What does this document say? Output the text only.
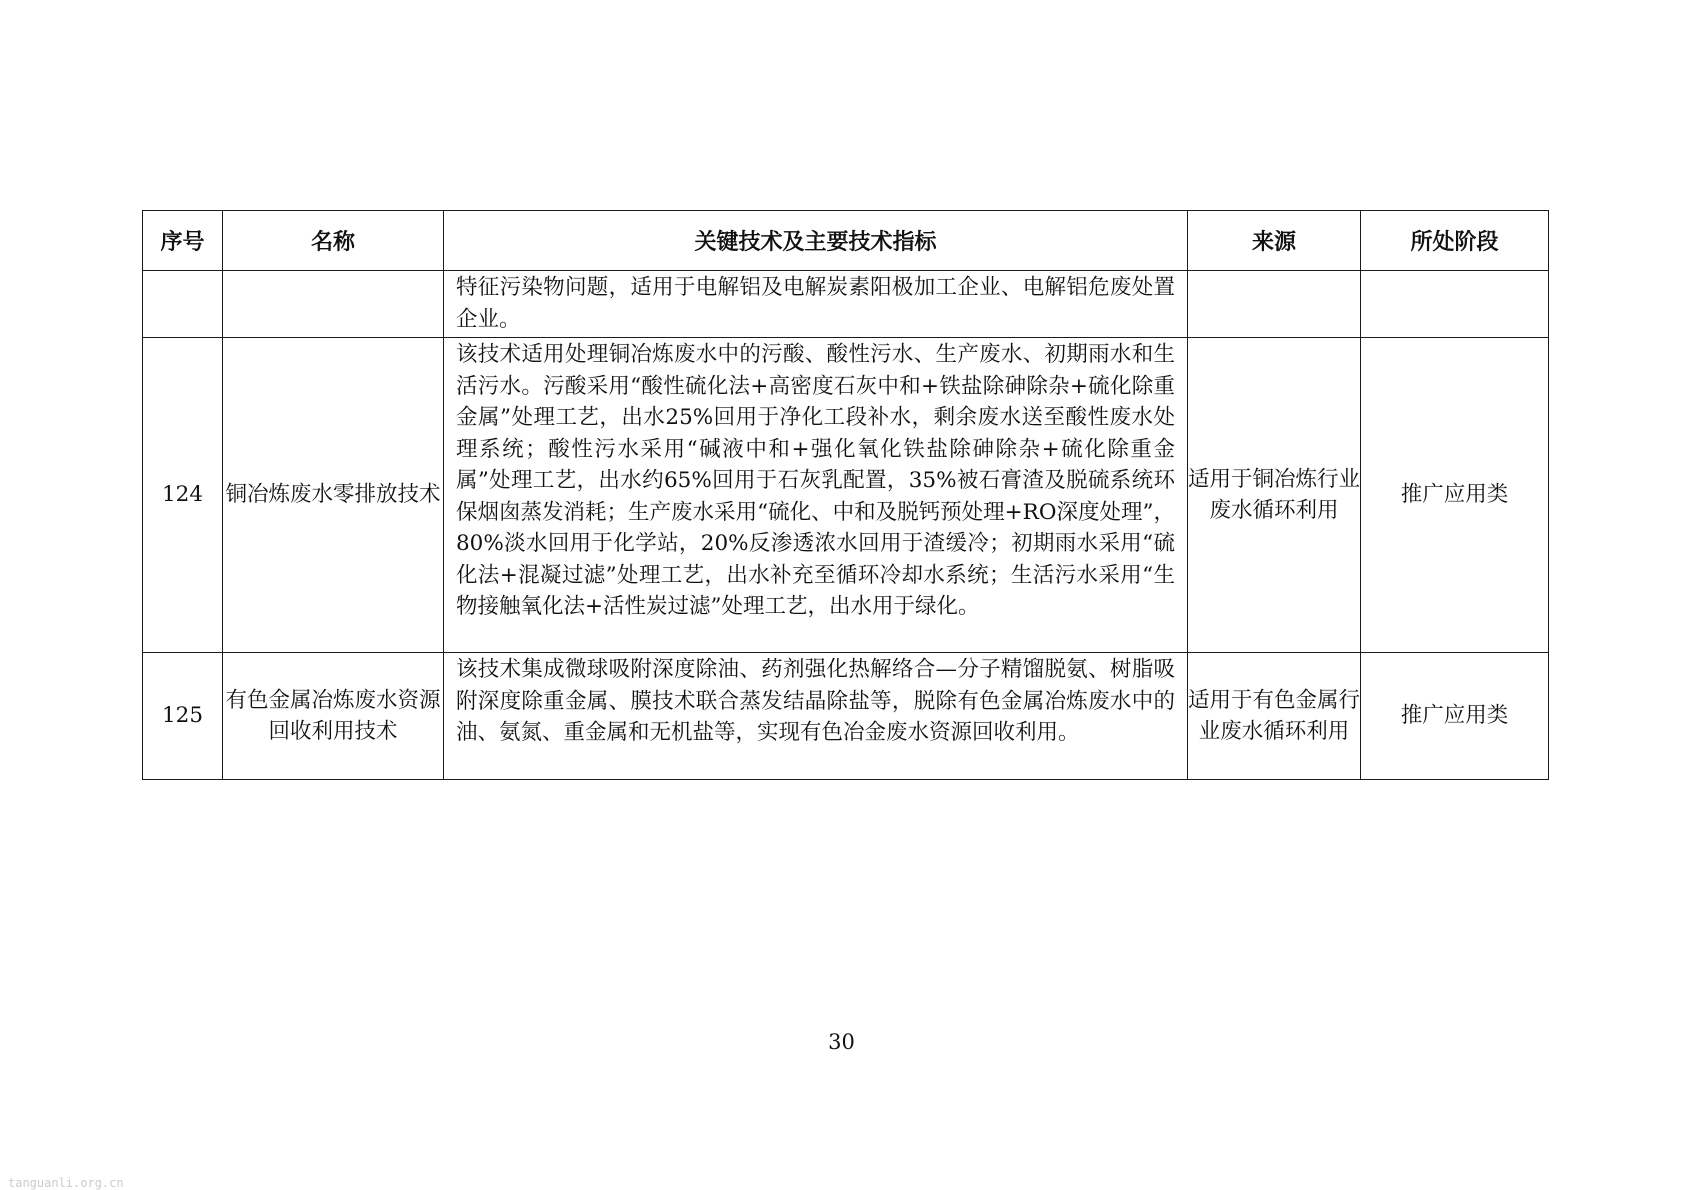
序号	名称	关键技术及主要技术指标	来源	所处阶段
		特征污染物问题，适用于电解铝及电解炭素阳极加工企业、电解铝危废处置企业。		
124	铜冶炼废水零排放技术	该技术适用处理铜冶炼废水中的污酸、酸性污水、生产废水、初期雨水和生活污水。污酸采用“酸性硫化法+高密度石灰中和+铁盐除砷除杂+硫化除重金属”处理工艺，出水25%回用于净化工段补水，剩余废水送至酸性废水处理系统；酸性污水采用“碱液中和+强化氧化铁盐除砷除杂+硫化除重金属”处理工艺，出水约65%回用于石灰乳配置，35%被石膏渣及脱硫系统环保烟囱蒸发消耗；生产废水采用“硫化、中和及脱钙预处理+RO深度处理”，80%淡水回用于化学站，20%反渗透浓水回用于渣缓冷；初期雨水采用“硫化法+混凝过滤”处理工艺，出水补充至循环冷却水系统；生活污水采用“生物接触氧化法+活性炭过滤”处理工艺，出水用于绿化。	适用于铜冶炼行业废水循环利用	推广应用类
125	有色金属冶炼废水资源回收利用技术	该技术集成微球吸附深度除油、药剂强化热解络合—分子精馏脱氨、树脂吸附深度除重金属、膜技术联合蒸发结晶除盐等，脱除有色金属冶炼废水中的油、氨氮、重金属和无机盐等，实现有色冶金废水资源回收利用。	适用于有色金属行业废水循环利用	推广应用类
30
tanguanli.org.cn
